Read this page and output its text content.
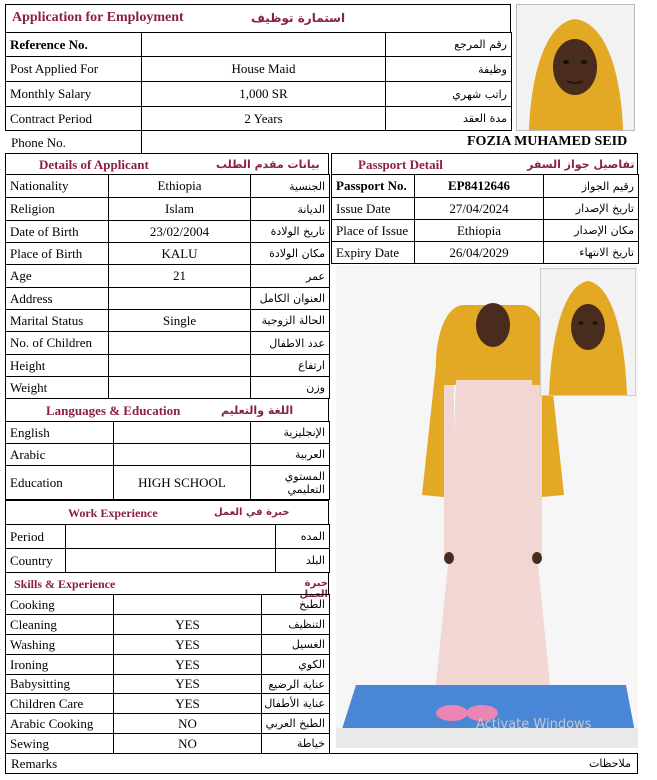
Application for Employment	استمارة توظيف
Reference No.		رقم المرجع
Post Applied For	House Maid	وظيفة
Monthly Salary	1,000 SR	راتب شهري
Contract Period	2 Years	مدة العقد
Phone No.	FOZIA MUHAMED SEID
Details of Applicant	بيانات مقدم الطلب
Nationality	Ethiopia	الجنسية
Religion	Islam	الديانة
Date of Birth	23/02/2004	تاريخ الولادة
Place of Birth	KALU	مكان الولادة
Age	21	عمر
Address		العنوان الكامل
Marital Status	Single	الحالة الزوجية
No. of Children		عدد الاطفال
Height		ارتفاع
Weight		وزن
Passport Detail	تفاصيل جواز السفر
Passport No.	EP8412646	رقيم الجواز
Issue Date	27/04/2024	تاريخ الإصدار
Place of Issue	Ethiopia	مكان الإصدار
Expiry Date	26/04/2029	تاريخ الانتهاء
Activate Windows
Languages & Education	اللغة والتعليم
English		الإنجليزية
Arabic		العربية
Education	HIGH SCHOOL	المستوي التعليمي
Work Experience	خبرة في العمل
Period		المده
Country		البلد
Skills & Experience	خبرة العمل
Cooking		الطبخ
Cleaning	YES	التنظيف
Washing	YES	الغسيل
Ironing	YES	الكوي
Babysitting	YES	عناية الرضيع
Children Care	YES	عناية الأطفال
Arabic Cooking	NO	الطبخ العربي
Sewing	NO	خياطة
Remarks	ملاحظات
